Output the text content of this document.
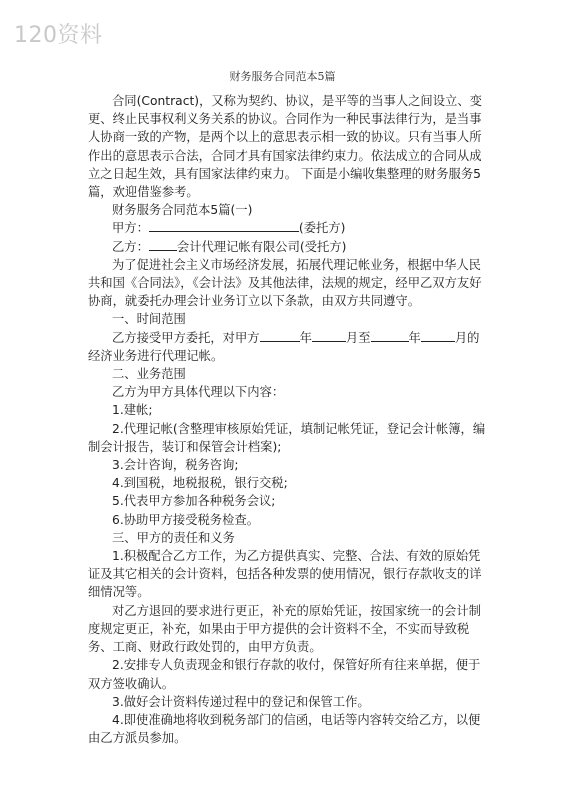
120资料
财务服务合同范本5篇

合同(Contract)，又称为契约、协议，是平等的当事人之间设立、变更、终止民事权利义务关系的协议。合同作为一种民事法律行为，是当事人协商一致的产物，是两个以上的意思表示相一致的协议。只有当事人所作出的意思表示合法，合同才具有国家法律约束力。依法成立的合同从成立之日起生效，具有国家法律约束力。 下面是小编收集整理的财务服务5篇，欢迎借鉴参考。

财务服务合同范本5篇(一)

甲方：	(委托方)

乙方： 会计代理记帐有限公司(受托方)

为了促进社会主义市场经济发展，拓展代理记帐业务，根据中华人民共和国《合同法》，《会计法》及其他法律，法规的规定，经甲乙双方友好协商，就委托办理会计业务订立以下条款，由双方共同遵守。

一、时间范围

乙方接受甲方委托，对甲方	年	月至	年	月的经济业务进行代理记帐。

二、业务范围

乙方为甲方具体代理以下内容：

1.建帐;

2.代理记帐(含整理审核原始凭证，填制记帐凭证，登记会计帐簿，编制会计报告，装订和保管会计档案);

3.会计咨询，税务咨询;

4.到国税，地税报税，银行交税;

5.代表甲方参加各种税务会议;

6.协助甲方接受税务检查。

三、甲方的责任和义务

1.积极配合乙方工作，为乙方提供真实、完整、合法、有效的原始凭证及其它相关的会计资料，包括各种发票的使用情况，银行存款收支的详细情况等。

对乙方退回的要求进行更正，补充的原始凭证，按国家统一的会计制度规定更正，补充，如果由于甲方提供的会计资料不全，不实而导致税务、工商、财政行政处罚的，由甲方负责。

2.安排专人负责现金和银行存款的收付，保管好所有往来单据，便于双方签收确认。

3.做好会计资料传递过程中的登记和保管工作。

4.即使准确地将收到税务部门的信函，电话等内容转交给乙方，以便由乙方派员参加。
